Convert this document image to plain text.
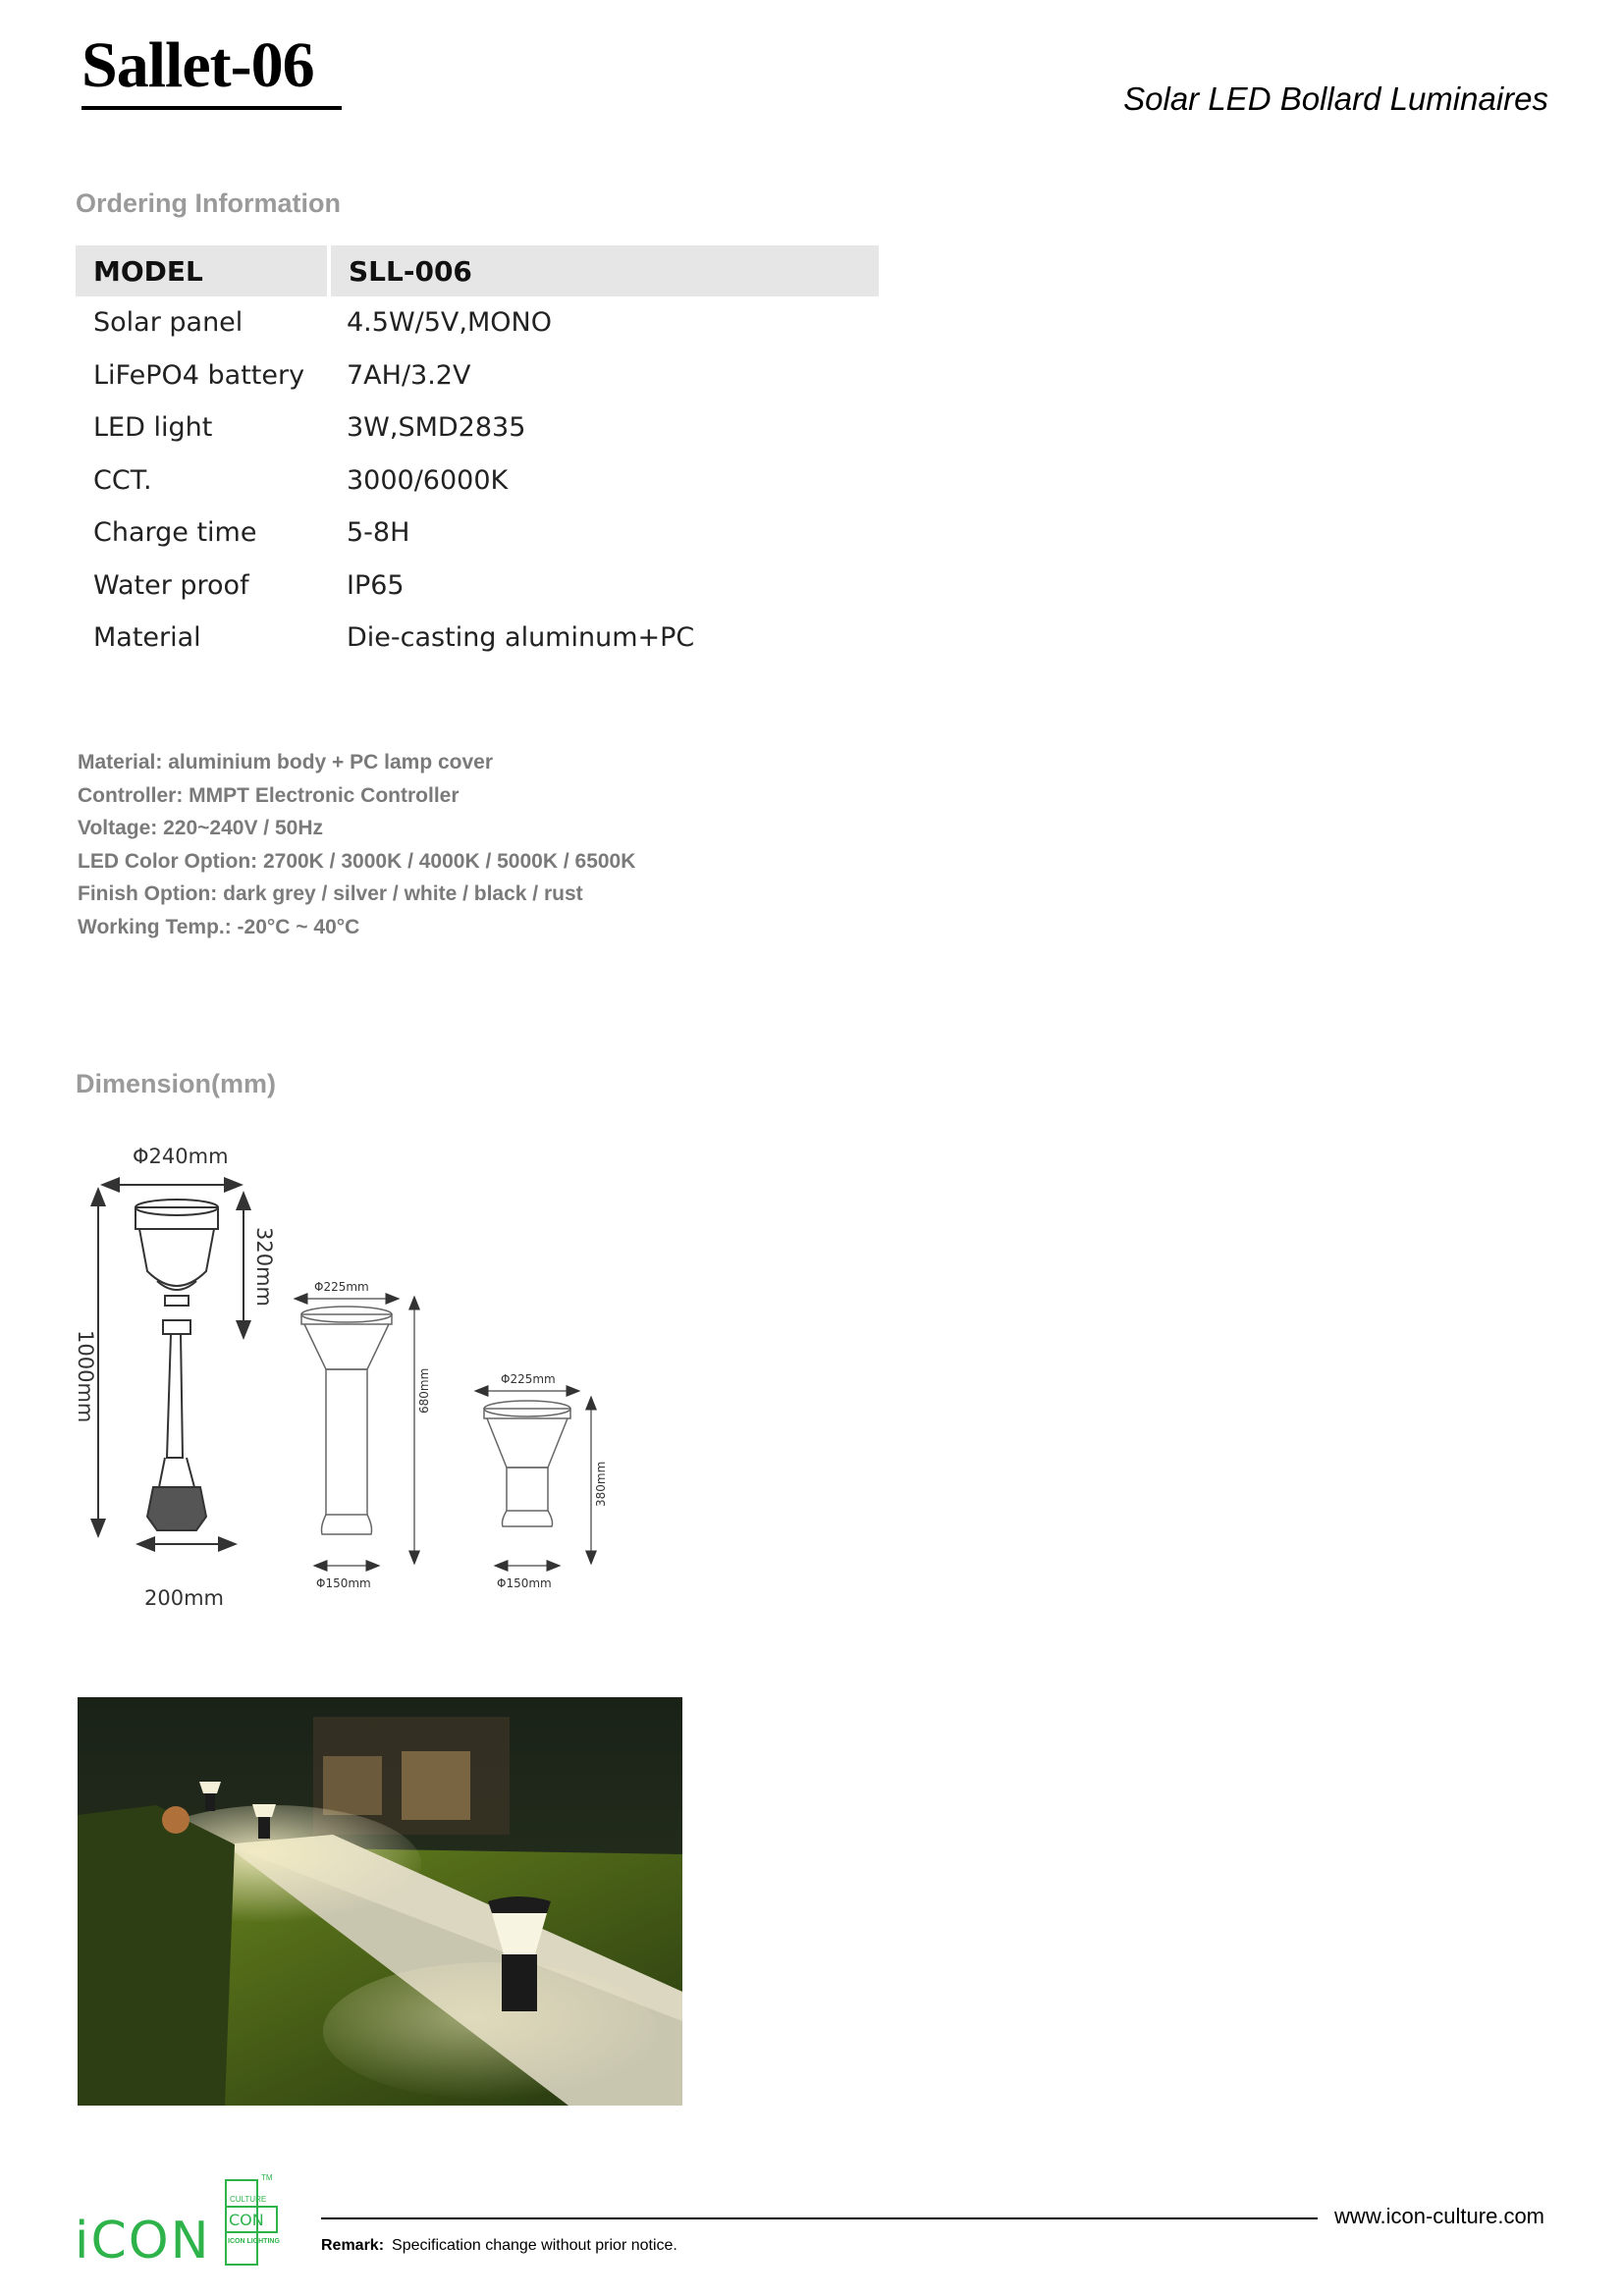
Sallet-06	Solar LED Bollard Luminaires
Ordering Information
MODEL	SLL-006
Solar panel	4.5W/5V,MONO
LiFePO4 battery	7AH/3.2V
LED light	3W,SMD2835
CCT.	3000/6000K
Charge time	5-8H
Water proof	IP65
Material	Die-casting aluminum+PC
Material: aluminium body + PC lamp cover
Controller: MMPT Electronic Controller
Voltage: 220~240V / 50Hz
LED Color Option: 2700K / 3000K / 4000K / 5000K / 6500K
Finish Option: dark grey / silver / white / black / rust
Working Temp.: -20°C ~ 40°C
Dimension(mm)
Φ240mm
320mm
1000mm
200mm
Φ225mm
680mm
Φ150mm
Φ225mm
380mm
Φ150mm
TM
CULTURE
CON
ICON LIGHTING
iCON	www.icon-culture.com
Remark: Specification change without prior notice.
